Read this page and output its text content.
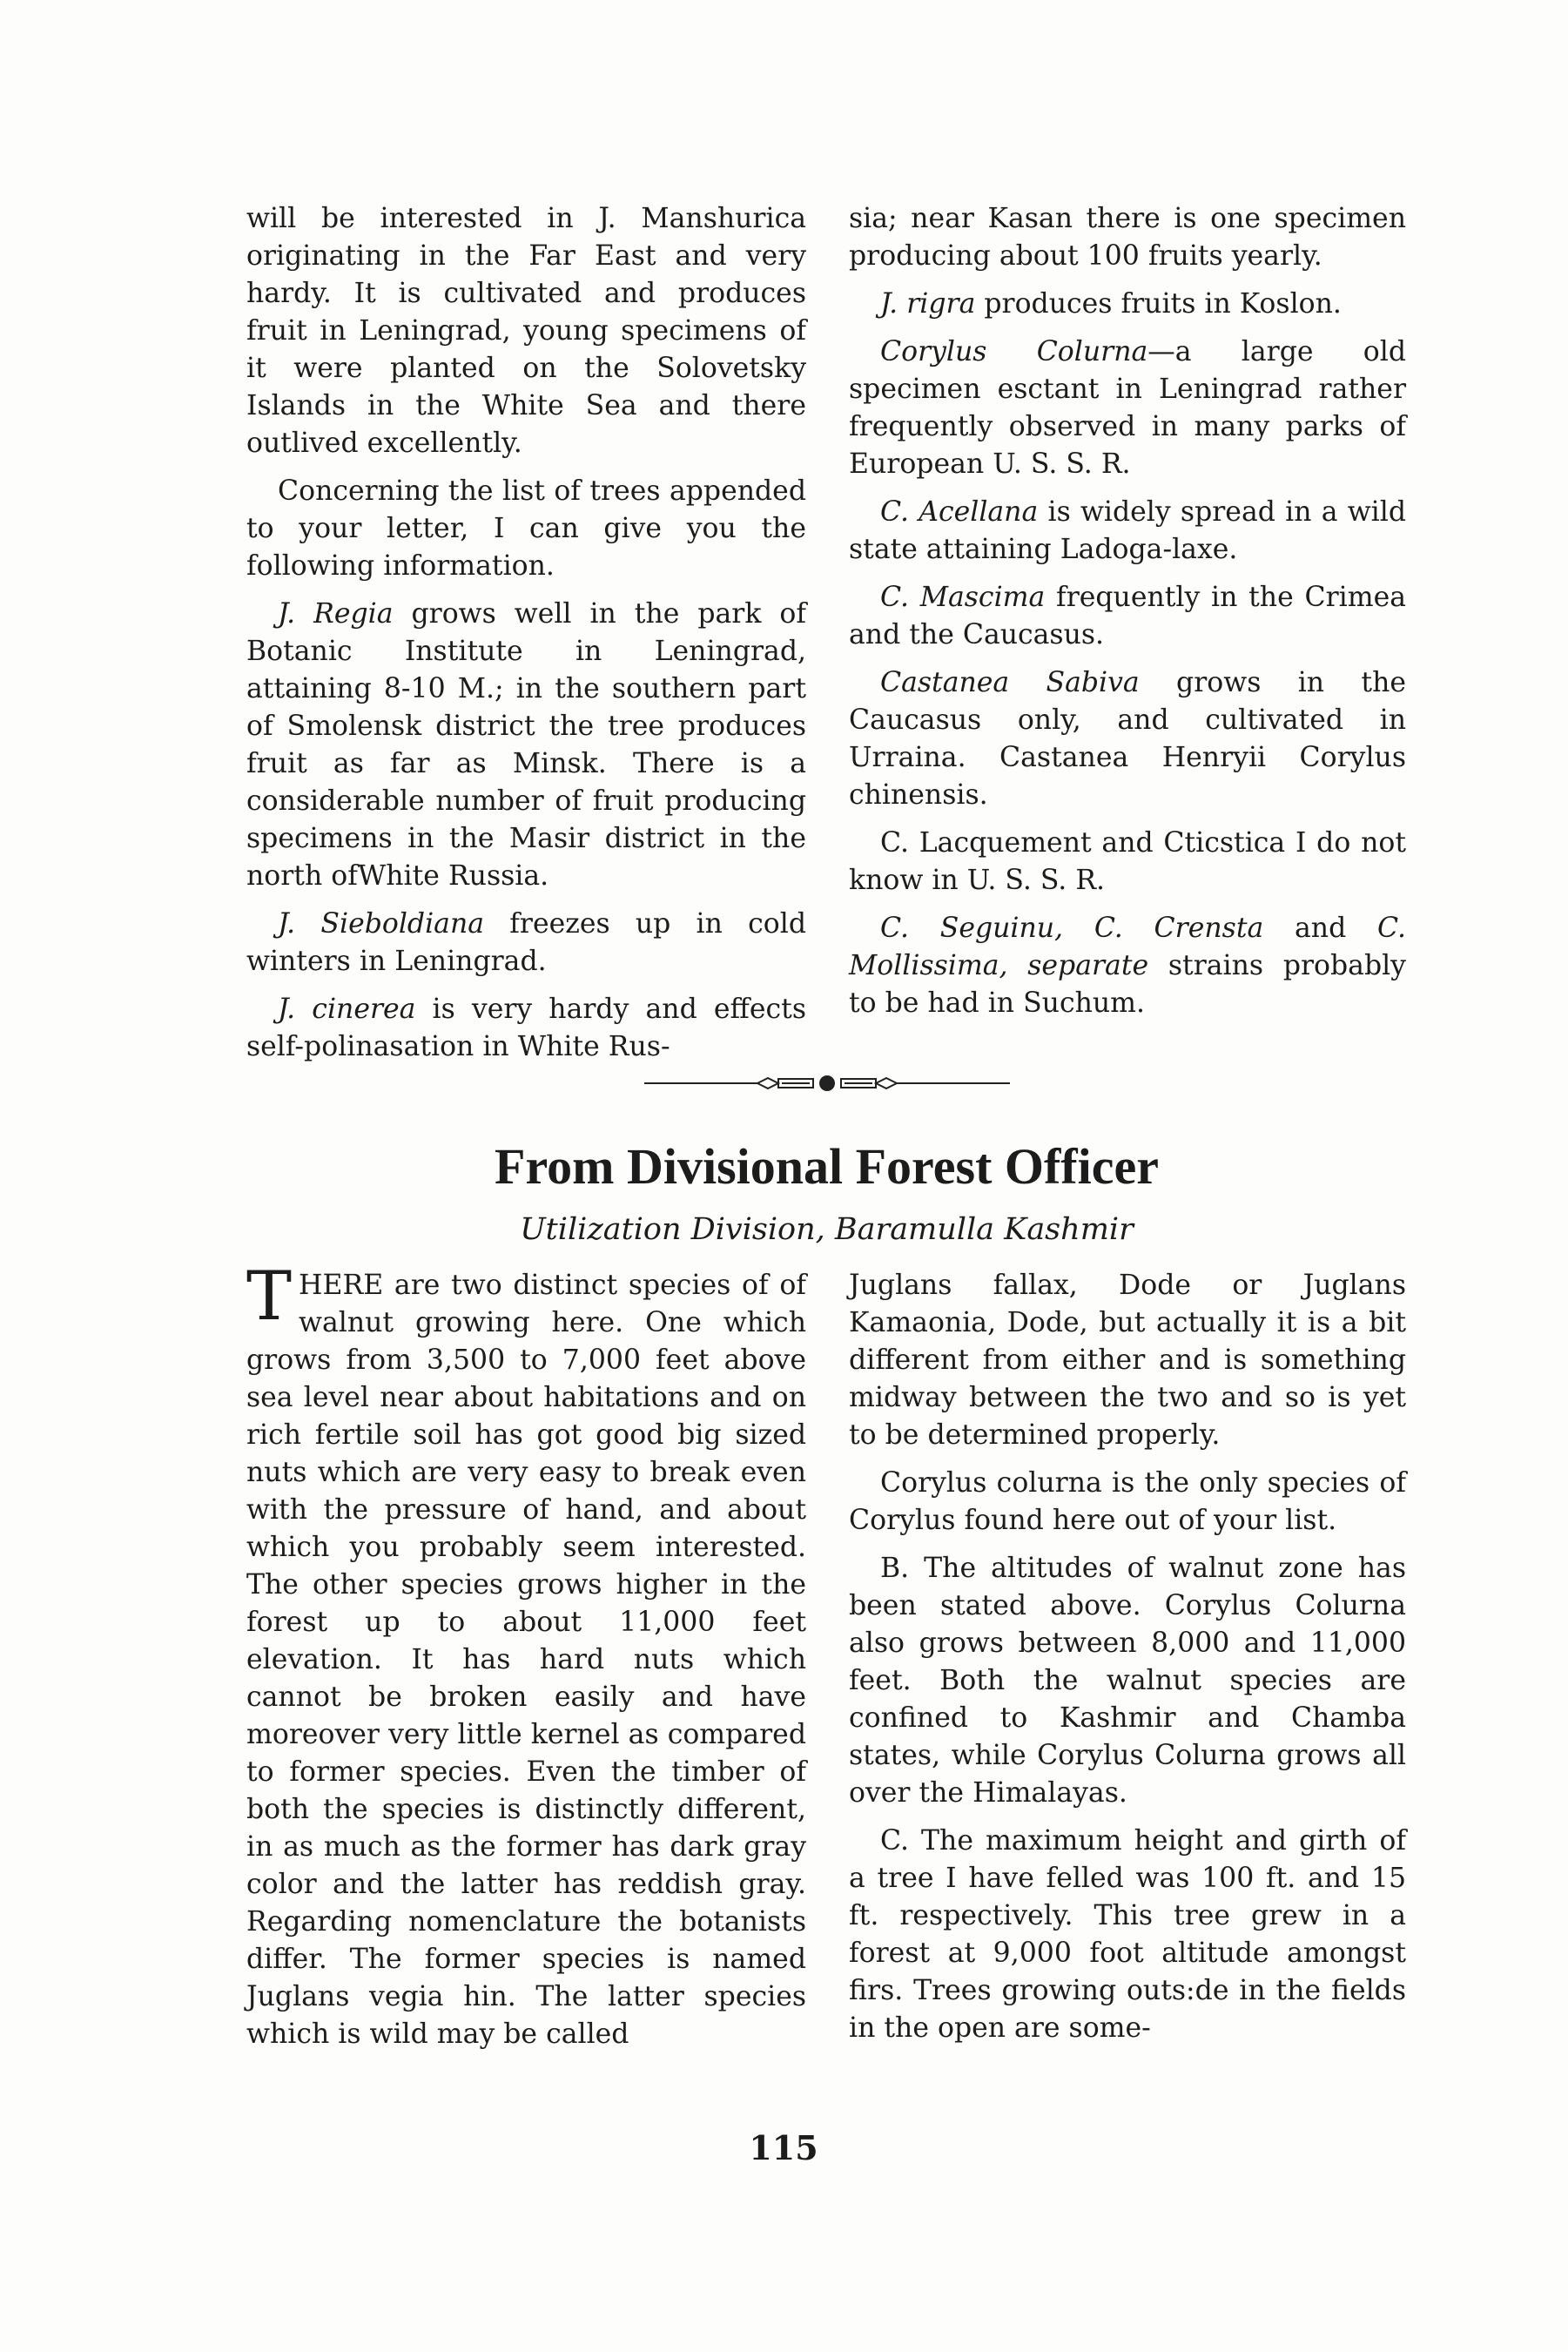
will be interested in J. Manshurica originating in the Far East and very hardy. It is cultivated and produces fruit in Leningrad, young specimens of it were planted on the Solovetsky Islands in the White Sea and there outlived excellently.

Concerning the list of trees appended to your letter, I can give you the following information.

J. Regia grows well in the park of Botanic Institute in Leningrad, attaining 8-10 M.; in the southern part of Smolensk district the tree produces fruit as far as Minsk. There is a considerable number of fruit producing specimens in the Masir district in the north ofWhite Russia.

J. Sieboldiana freezes up in cold winters in Leningrad.

J. cinerea is very hardy and effects self-polinasation in White Rus-

sia; near Kasan there is one specimen producing about 100 fruits yearly.

J. rigra produces fruits in Koslon.

Corylus Colurna—a large old specimen esctant in Leningrad rather frequently observed in many parks of European U. S. S. R.

C. Acellana is widely spread in a wild state attaining Ladoga-laxe.

C. Mascima frequently in the Crimea and the Caucasus.

Castanea Sabiva grows in the Caucasus only, and cultivated in Urraina. Castanea Henryii Corylus chinensis.

C. Lacquement and Cticstica I do not know in U. S. S. R.

C. Seguinu, C. Crensta and C. Mollissima, separate strains probably to be had in Suchum.

From Divisional Forest Officer
Utilization Division, Baramulla Kashmir

THERE are two distinct species of of walnut growing here. One which grows from 3,500 to 7,000 feet above sea level near about habitations and on rich fertile soil has got good big sized nuts which are very easy to break even with the pressure of hand, and about which you probably seem interested. The other species grows higher in the forest up to about 11,000 feet elevation. It has hard nuts which cannot be broken easily and have moreover very little kernel as compared to former species. Even the timber of both the species is distinctly different, in as much as the former has dark gray color and the latter has reddish gray. Regarding nomenclature the botanists differ. The former species is named Juglans vegia hin. The latter species which is wild may be called

Juglans fallax, Dode or Juglans Kamaonia, Dode, but actually it is a bit different from either and is something midway between the two and so is yet to be determined properly.

Corylus colurna is the only species of Corylus found here out of your list.

B. The altitudes of walnut zone has been stated above. Corylus Colurna also grows between 8,000 and 11,000 feet. Both the walnut species are confined to Kashmir and Chamba states, while Corylus Colurna grows all over the Himalayas.

C. The maximum height and girth of a tree I have felled was 100 ft. and 15 ft. respectively. This tree grew in a forest at 9,000 foot altitude amongst firs. Trees growing outs:de in the fields in the open are some-

115
